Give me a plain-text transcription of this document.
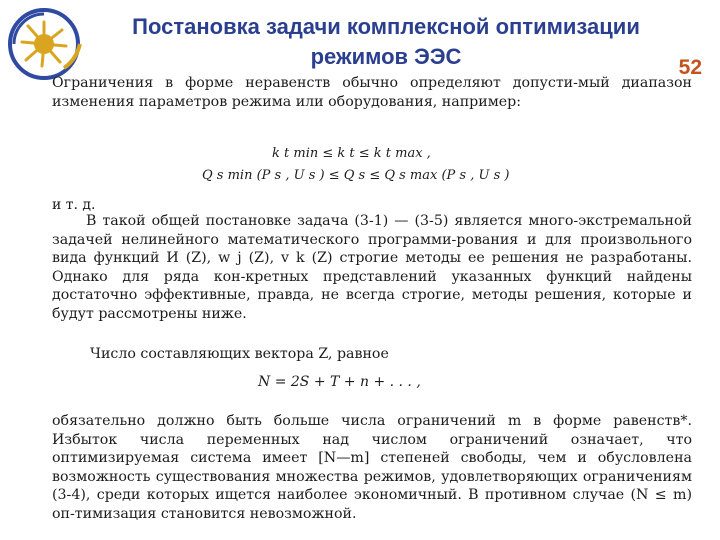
Постановка задачи комплексной оптимизации
режимов ЭЭС	52
Ограничения в форме неравенств обычно определяют допусти-мый диапазон изменения параметров режима или оборудования, например:
k t min ≤ k t ≤ k t max ,
Q s min (P s , U s ) ≤ Q s ≤ Q s max (P s , U s )
и т. д.
В такой общей постановке задача (3-1) — (3-5) является много-экстремальной задачей нелинейного математического программи-рования и для произвольного вида функций И (Z), w j (Z), v k (Z) строгие методы ее решения не разработаны. Однако для ряда кон-кретных представлений указанных функций найдены достаточно эффективные, правда, не всегда строгие, методы решения, которые и будут рассмотрены ниже.
Число составляющих вектора Z, равное
N = 2S + T + n + . . . ,
обязательно должно быть больше числа ограничений m в форме равенств*. Избыток числа переменных над числом ограничений означает, что оптимизируемая система имеет [N—m] степеней свободы, чем и обусловлена возможность существования множества режимов, удовлетворяющих ограничениям (3-4), среди которых ищется наиболее экономичный. В противном случае (N ≤ m) оп-тимизация становится невозможной.
